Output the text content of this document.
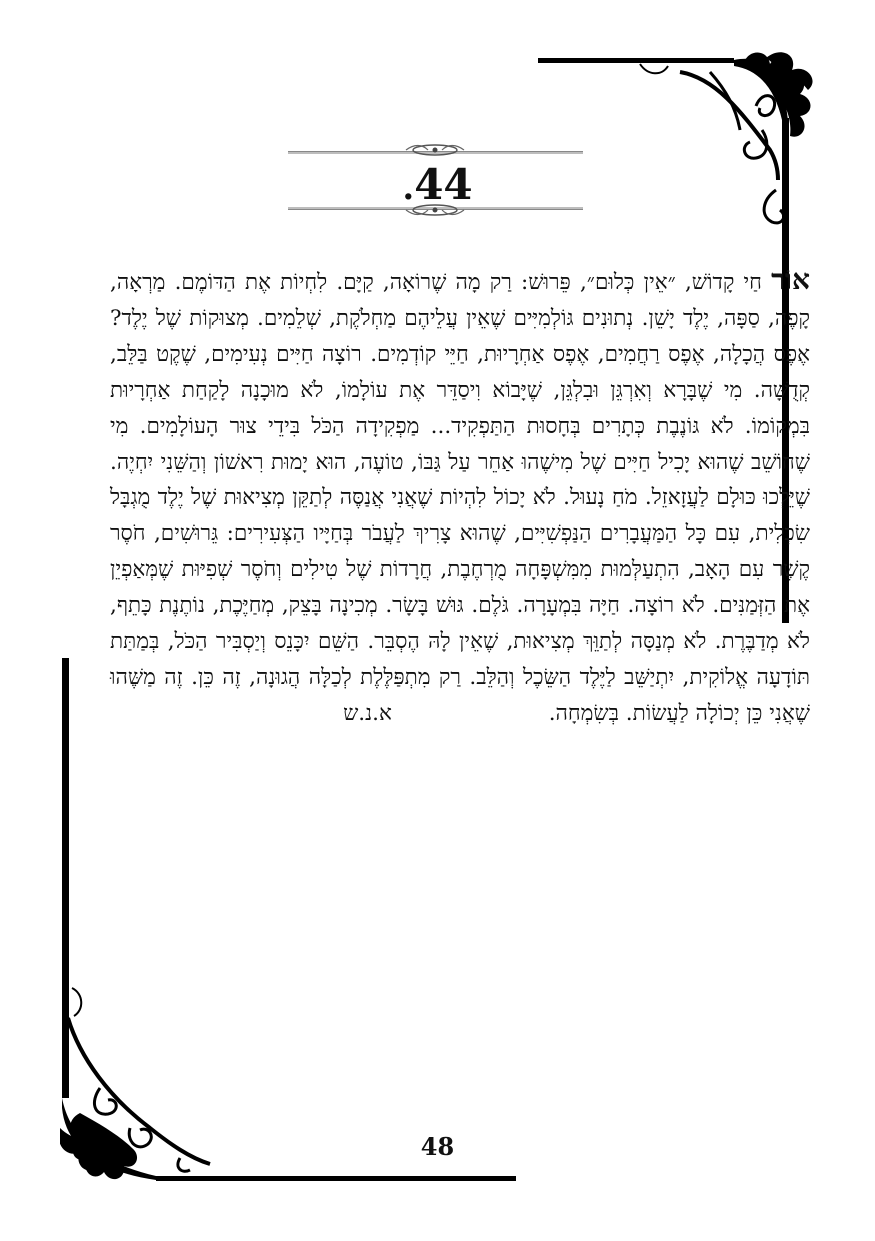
.44
אוֹר חַי קָדוֹשׁ, ״אֵין כְּלוּם״, פֵּרוּשׁ: רַק מָה שֶׁרוֹאָה, קַיָּם. לִחְיוֹת אֶת הַדּוֹמֶם. מַרְאָה, קָפֶה, סַפָּה, יֶלֶד יָשֵׁן. נְתוּנִים גּוֹלְמִיִּים שֶׁאֵין עֲלֵיהֶם מַחְלֹקֶת, שְׁלֵמִים. מְצוּקוֹת שֶׁל יֶלֶד? אֶפֶס הֲכָלָה, אֶפֶס רַחֲמִים, אֶפֶס אַחְרָיוּת, חַיֵּי קוֹדְמִים. רוֹצָה חַיִּים נְעִימִים, שֶׁקֶט בַּלֵּב, קְדֻשָּׁה. מִי שֶׁבָּרָא וְאִרְגֵּן וּבִלְגֵּן, שֶׁיָּבוֹא וִיסַדֵּר אֶת עוֹלָמוֹ, לֹא מוּכָנָה לָקַחַת אַחְרָיוּת בִּמְקוֹמוֹ. לֹא גּוֹנֶבֶת כְּתָרִים בְּחָסוּת הַתַּפְקִיד... מַפְקִידָה הַכֹּל בִּידֵי צוּר הָעוֹלָמִים. מִי שֶׁחוֹשֵׁב שֶׁהוּא יָכִיל חַיִּים שֶׁל מִישֶׁהוּ אַחֵר עַל גַּבּוֹ, טוֹעֶה, הוּא יָמוּת רִאשׁוֹן וְהַשֵּׁנִי יִחְיֶה. שֶׁיֵּלְכוּ כּוּלָם לַעֲזָאזֵל. מֹחַ נָעוּל. לֹא יָכוֹל לִהְיוֹת שֶׁאֲנִי אֲנַסֶּה לְתַקֵּן מְצִיאוּת שֶׁל יֶלֶד מֻגְבָּל שִׂכְלִית, עִם כָּל הַמַּעֲבָרִים הַנַּפְשִׁיִּים, שֶׁהוּא צָרִיךְ לַעֲבֹר בְּחַיָּיו הַצְּעִירִים: גֵּרוּשִׁים, חֹסֶר קֶשֶׁר עִם הָאָב, הִתְעַלְּמוּת מִמִּשְׁפָּחָה מֻרְחֶבֶת, חֲרָדוֹת שֶׁל טִילִים וְחֹסֶר שְׁפִיּוּת שֶׁמְּאַפְיֵן אֶת הַזְּמַנִּים. לֹא רוֹצָה. חַיָּה בִּמְעָרָה. גֹּלֶם. גּוּשׁ בָּשָׂר. מְכִינָה בָּצֵק, מְחַיֶּכֶת, נוֹתֶנֶת כָּתֵף, לֹא מְדַבֶּרֶת. לֹא מְנַסָּה לְתַוֵּךְ מְצִיאוּת, שֶׁאֵין לָהּ הֶסְבֵּר. הַשֵּׁם יִכָּנֵס וְיַסְבִּיר הַכֹּל, בְּמַתַּת תּוֹדָעָה אֱלוֹקִית, יִתְיַשֵּׁב לַיֶּלֶד הַשֵּׂכֶל וְהַלֵּב. רַק מִתְפַּלֶּלֶת לְכַלָּה הֲגוּנָה, זֶה כֵּן. זֶה מַשֶּׁהוּ שֶׁאֲנִי כֵּן יְכוֹלָה לַעֲשׂוֹת. בְּשִׂמְחָה. א.נ.ש
48
